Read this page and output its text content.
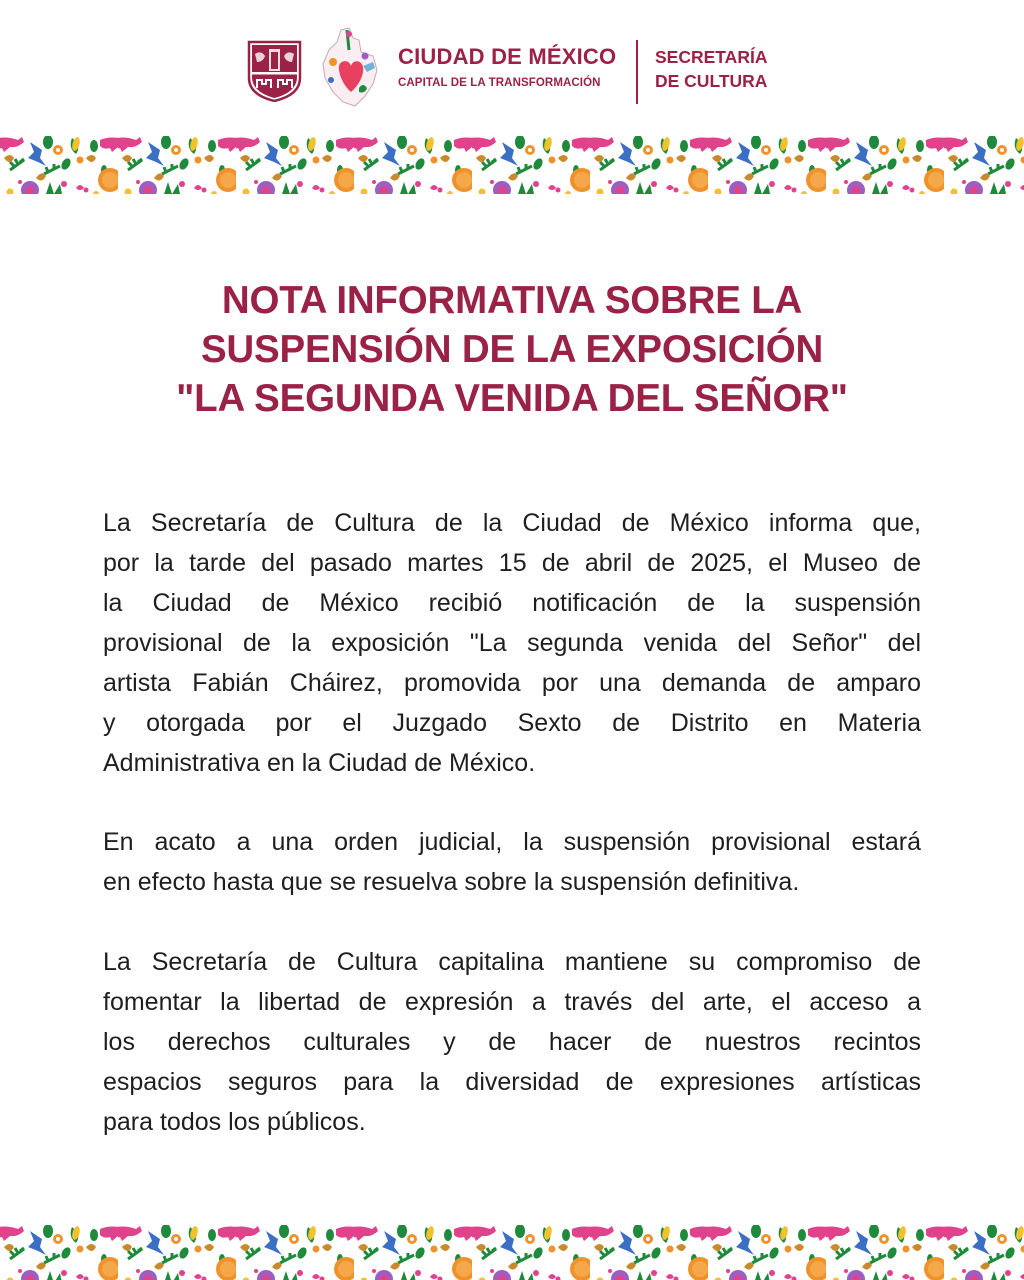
CIUDAD DE MÉXICO
CAPITAL DE LA TRANSFORMACIÓN
SECRETARÍA
DE CULTURA
NOTA INFORMATIVA SOBRE LA
SUSPENSIÓN DE LA EXPOSICIÓN
"LA SEGUNDA VENIDA DEL SEÑOR"
La Secretaría de Cultura de la Ciudad de México informa que,
por la tarde del pasado martes 15 de abril de 2025, el Museo de
la Ciudad de México recibió notificación de la suspensión
provisional de la exposición "La segunda venida del Señor" del
artista Fabián Cháirez, promovida por una demanda de amparo
y otorgada por el Juzgado Sexto de Distrito en Materia
Administrativa en la Ciudad de México.
En acato a una orden judicial, la suspensión provisional estará
en efecto hasta que se resuelva sobre la suspensión definitiva.
La Secretaría de Cultura capitalina mantiene su compromiso de
fomentar la libertad de expresión a través del arte, el acceso a
los derechos culturales y de hacer de nuestros recintos
espacios seguros para la diversidad de expresiones artísticas
para todos los públicos.
